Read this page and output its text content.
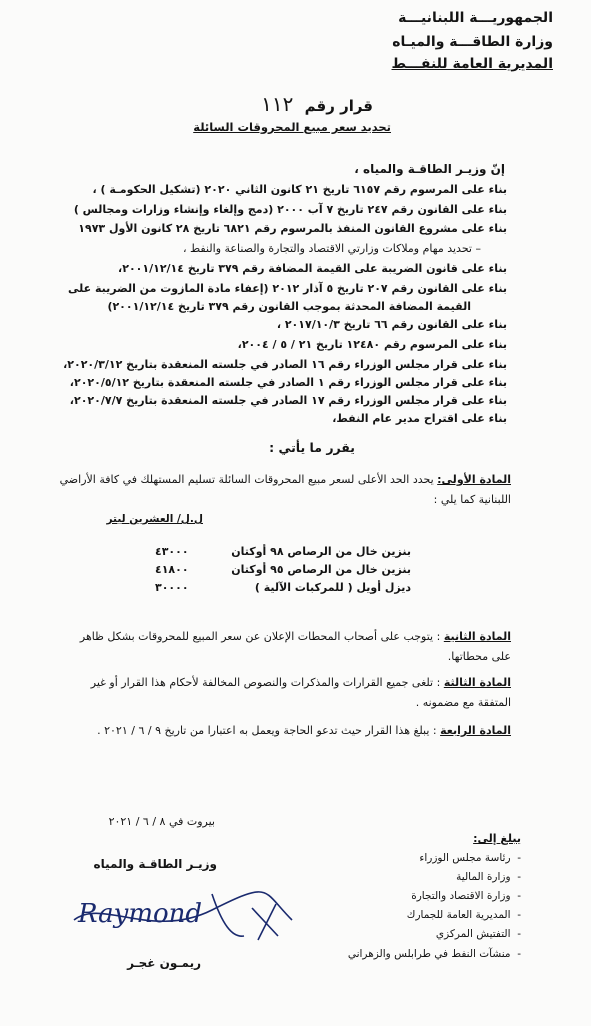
الجمهوريـــة اللبنانيـــة
وزارة الطاقـــة والميـاه
المديرية العامة للنفـــط
قرار رقم ١١٢
تحديد سعر مبيع المحروقات السائلة
إنّ وزيـر الطاقـة والمياه ،
بناء على المرسوم رقم ٦١٥٧ تاريخ ٢١ كانون الثاني ٢٠٢٠ (تشكيل الحكومـة ) ،
بناء على القانون رقم ٢٤٧ تاريخ ٧ آب ٢٠٠٠ (دمج وإلغاء وإنشاء وزارات ومجالس )
بناء على مشروع القانون المنفذ بالمرسوم رقم ٦٨٢١ تاريخ ٢٨ كانون الأول ١٩٧٣
– تحديد مهام وملاكات وزارتي الاقتصاد والتجارة والصناعة والنفط ،
بناء على قانون الضريبة على القيمة المضافة رقم ٣٧٩ تاريخ ٢٠٠١/١٢/١٤،
بناء على القانون رقم ٢٠٧ تاريخ ٥ آذار ٢٠١٢ (إعفاء مادة المازوت من الضريبة على
القيمة المضافة المحدثة بموجب القانون رقم ٣٧٩ تاريخ ٢٠٠١/١٢/١٤)
بناء على القانون رقم ٦٦ تاريخ ٢٠١٧/١٠/٣ ،
بناء على المرسوم رقم ١٢٤٨٠ تاريخ ٢١ / ٥ / ٢٠٠٤،
بناء على قرار مجلس الوزراء رقم ١٦ الصادر في جلسته المنعقدة بتاريخ ٢٠٢٠/٣/١٢،
بناء على قرار مجلس الوزراء رقم ١ الصادر في جلسته المنعقدة بتاريخ ٢٠٢٠/٥/١٢،
بناء على قرار مجلس الوزراء رقم ١٧ الصادر في جلسته المنعقدة بتاريخ ٢٠٢٠/٧/٧،
بناء على اقتراح مدير عام النفط،
يقرر ما يأتي :
المادة الأولى: يحدد الحد الأعلى لسعر مبيع المحروقات السائلة تسليم المستهلك في كافة الأراضي
اللبنانية كما يلي :
ل.ل/ العشرين ليتر
بنزين خال من الرصاص ٩٨ أوكتان
٤٣٠٠٠
بنزين خال من الرصاص ٩٥ أوكتان
٤١٨٠٠
ديزل أويل ( للمركبات الآلية )
٣٠٠٠٠
المادة الثانية : يتوجب على أصحاب المحطات الإعلان عن سعر المبيع للمحروقات بشكل ظاهر
على محطاتها.
المادة الثالثة : تلغى جميع القرارات والمذكرات والنصوص المخالفة لأحكام هذا القرار أو غير
المتفقة مع مضمونه .
المادة الرابعة : يبلغ هذا القرار حيث تدعو الحاجة ويعمل به اعتبارا من تاريخ ٩ / ٦ / ٢٠٢١ .
بيروت في ٨ / ٦ / ٢٠٢١
وزيـر الطاقـة والمياه
Raymond
ريمـون غجـر
يبلغ إلى:
-  رئاسة مجلس الوزراء
-  وزارة المالية
-  وزارة الاقتصاد والتجارة
-  المديرية العامة للجمارك
-  التفتيش المركزي
-  منشآت النفط في طرابلس والزهراني
